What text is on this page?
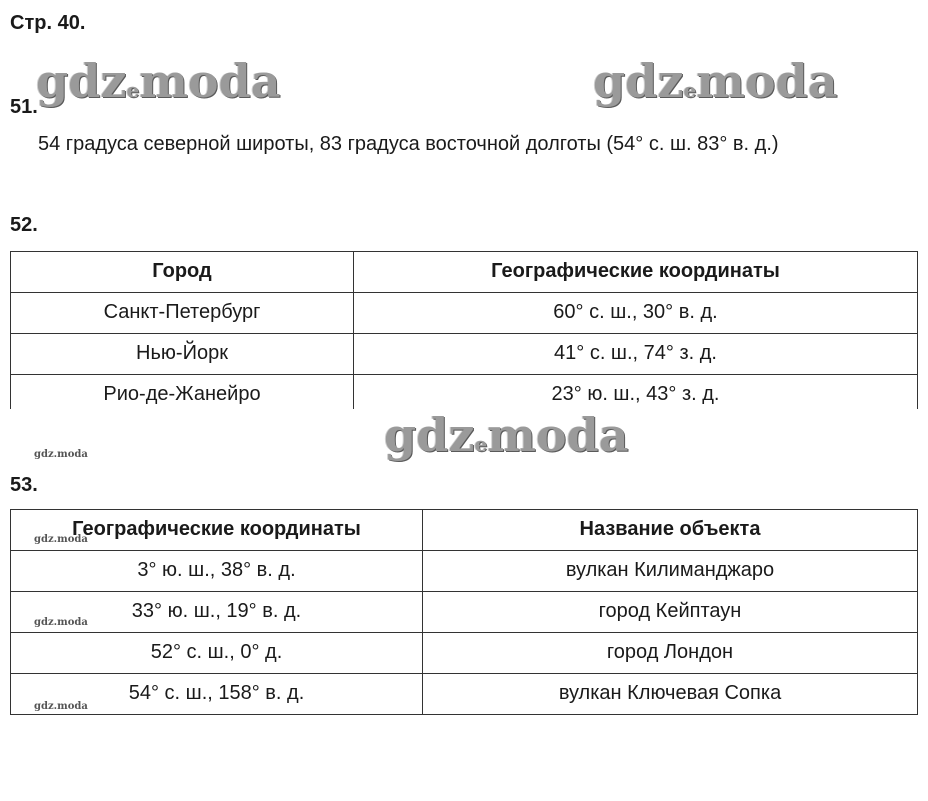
Стр. 40.
gdzemoda	gdzemoda
gdzemoda
51.
54 градуса северной широты, 83 градуса восточной долготы (54° с. ш. 83° в. д.)
52.
Город	Географические координаты
Санкт-Петербург	60° с. ш., 30° в. д.
Нью-Йорк	41° с. ш., 74° з. д.
Рио-де-Жанейро	23° ю. ш., 43° з. д.
gdz.moda
53.
Географические координаты	Название объекта
3° ю. ш., 38° в. д.	вулкан Килиманджаро
33° ю. ш., 19° в. д.	город Кейптаун
52° с. ш., 0° д.	город Лондон
54° с. ш., 158° в. д.	вулкан Ключевая Сопка
gdz.moda
gdz.moda
gdz.moda
